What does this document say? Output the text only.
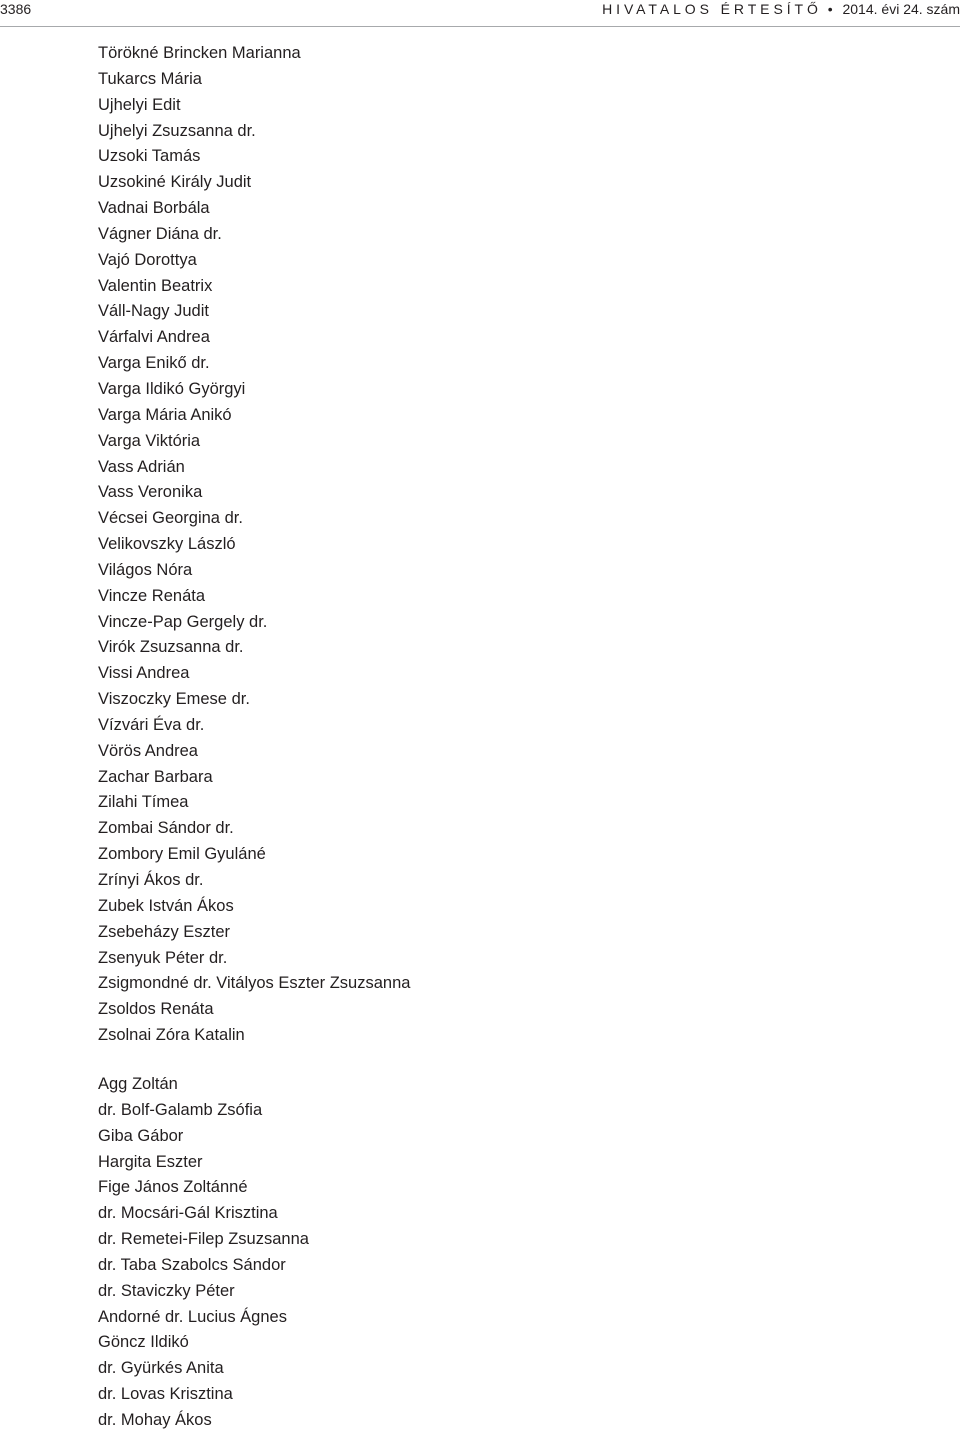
3386	HIVATALOS ÉRTESÍTŐ • 2014. évi 24. szám
Törökné Brincken Marianna
Tukarcs Mária
Ujhelyi Edit
Ujhelyi Zsuzsanna dr.
Uzsoki Tamás
Uzsokiné Király Judit
Vadnai Borbála
Vágner Diána dr.
Vajó Dorottya
Valentin Beatrix
Váll-Nagy Judit
Várfalvi Andrea
Varga Enikő dr.
Varga Ildikó Györgyi
Varga Mária Anikó
Varga Viktória
Vass Adrián
Vass Veronika
Vécsei Georgina dr.
Velikovszky László
Világos Nóra
Vincze Renáta
Vincze-Pap Gergely dr.
Virók Zsuzsanna dr.
Vissi Andrea
Viszoczky Emese dr.
Vízvári Éva dr.
Vörös Andrea
Zachar Barbara
Zilahi Tímea
Zombai Sándor dr.
Zombory Emil Gyuláné
Zrínyi Ákos dr.
Zubek István Ákos
Zsebeházy Eszter
Zsenyuk Péter dr.
Zsigmondné dr. Vitályos Eszter Zsuzsanna
Zsoldos Renáta
Zsolnai Zóra Katalin
Agg Zoltán
dr. Bolf-Galamb Zsófia
Giba Gábor
Hargita Eszter
Fige János Zoltánné
dr. Mocsári-Gál Krisztina
dr. Remetei-Filep Zsuzsanna
dr. Taba Szabolcs Sándor
dr. Staviczky Péter
Andorné dr. Lucius Ágnes
Göncz Ildikó
dr. Gyürkés Anita
dr. Lovas Krisztina
dr. Mohay Ákos
